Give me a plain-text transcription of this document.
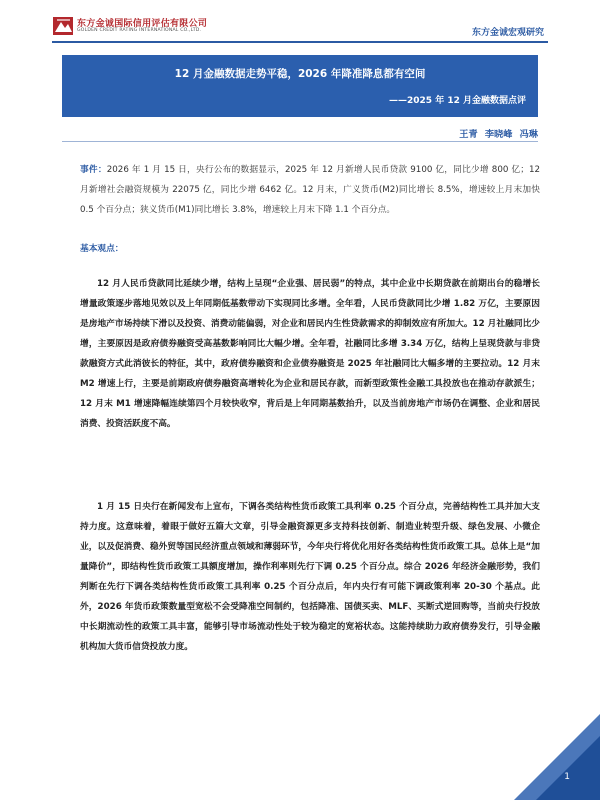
东方金诚国际信用评估有限公司
GOLDEN CREDIT RATING INTERNATIONAL CO.,LTD.	东方金诚宏观研究
12 月金融数据走势平稳，2026 年降准降息都有空间
——2025 年 12 月金融数据点评
王青 李晓峰 冯琳

事件：2026 年 1 月 15 日，央行公布的数据显示，2025 年 12 月新增人民币贷款 9100 亿，同比少增 800 亿；12 月新增社会融资规模为 22075 亿，同比少增 6462 亿。12 月末，广义货币(M2)同比增长 8.5%，增速较上月末加快 0.5 个百分点；狭义货币(M1)同比增长 3.8%，增速较上月末下降 1.1 个百分点。

基本观点：

12 月人民币贷款同比延续少增，结构上呈现“企业强、居民弱”的特点，其中企业中长期贷款在前期出台的稳增长增量政策逐步落地见效以及上年同期低基数带动下实现同比多增。全年看，人民币贷款同比少增 1.82 万亿，主要原因是房地产市场持续下滑以及投资、消费动能偏弱，对企业和居民内生性贷款需求的抑制效应有所加大。12 月社融同比少增，主要原因是政府债券融资受高基数影响同比大幅少增。全年看，社融同比多增 3.34 万亿，结构上呈现贷款与非贷款融资方式此消彼长的特征，其中，政府债券融资和企业债券融资是 2025 年社融同比大幅多增的主要拉动。12 月末 M2 增速上行，主要是前期政府债券融资高增转化为企业和居民存款，而新型政策性金融工具投放也在推动存款派生；12 月末 M1 增速降幅连续第四个月较快收窄，背后是上年同期基数抬升，以及当前房地产市场仍在调整、企业和居民消费、投资活跃度不高。

1 月 15 日央行在新闻发布上宣布，下调各类结构性货币政策工具利率 0.25 个百分点，完善结构性工具并加大支持力度。这意味着，着眼于做好五篇大文章，引导金融资源更多支持科技创新、制造业转型升级、绿色发展、小微企业，以及促消费、稳外贸等国民经济重点领域和薄弱环节，今年央行将优化用好各类结构性货币政策工具。总体上是“加量降价”，即结构性货币政策工具额度增加，操作利率则先行下调 0.25 个百分点。综合 2026 年经济金融形势，我们判断在先行下调各类结构性货币政策工具利率 0.25 个百分点后，年内央行有可能下调政策利率 20-30 个基点。此外，2026 年货币政策数量型宽松不会受降准空间制约，包括降准、国债买卖、MLF、买断式逆回购等，当前央行投放中长期流动性的政策工具丰富，能够引导市场流动性处于较为稳定的宽裕状态。这能持续助力政府债券发行，引导金融机构加大货币信贷投放力度。

1
